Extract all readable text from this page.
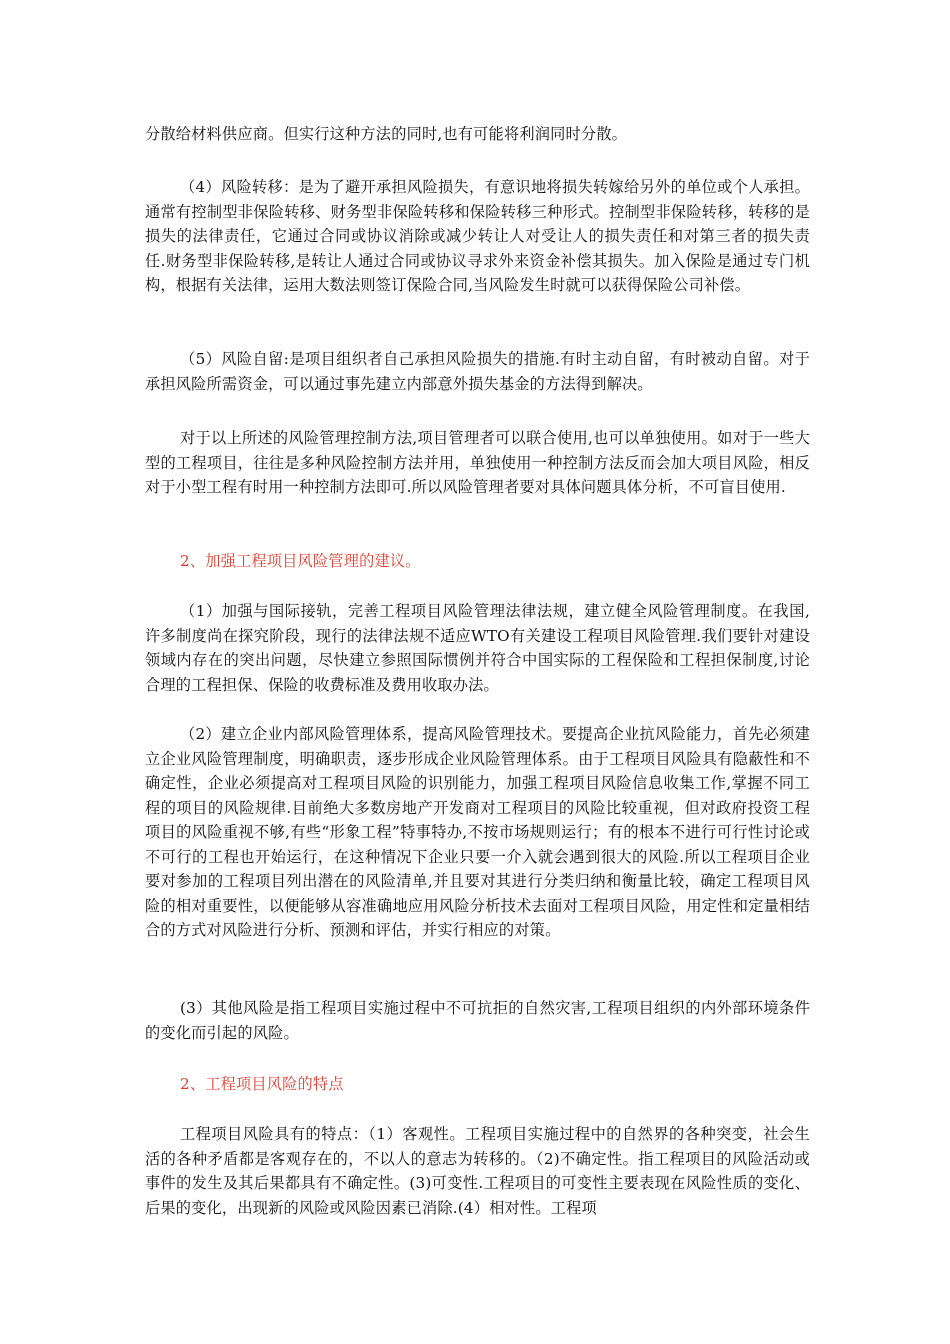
分散给材料供应商。但实行这种方法的同时,也有可能将利润同时分散。

（4）风险转移：是为了避开承担风险损失，有意识地将损失转嫁给另外的单位或个人承担。通常有控制型非保险转移、财务型非保险转移和保险转移三种形式。控制型非保险转移，转移的是损失的法律责任，它通过合同或协议消除或减少转让人对受让人的损失责任和对第三者的损失责任.财务型非保险转移,是转让人通过合同或协议寻求外来资金补偿其损失。加入保险是通过专门机构，根据有关法律，运用大数法则签订保险合同,当风险发生时就可以获得保险公司补偿。

（5）风险自留:是项目组织者自己承担风险损失的措施.有时主动自留，有时被动自留。对于承担风险所需资金，可以通过事先建立内部意外损失基金的方法得到解决。

对于以上所述的风险管理控制方法,项目管理者可以联合使用,也可以单独使用。如对于一些大型的工程项目，往往是多种风险控制方法并用，单独使用一种控制方法反而会加大项目风险，相反对于小型工程有时用一种控制方法即可.所以风险管理者要对具体问题具体分析，不可盲目使用.

2、加强工程项目风险管理的建议。

（1）加强与国际接轨，完善工程项目风险管理法律法规，建立健全风险管理制度。在我国,许多制度尚在探究阶段，现行的法律法规不适应WTO有关建设工程项目风险管理.我们要针对建设领域内存在的突出问题，尽快建立参照国际惯例并符合中国实际的工程保险和工程担保制度,讨论合理的工程担保、保险的收费标准及费用收取办法。

（2）建立企业内部风险管理体系，提高风险管理技术。要提高企业抗风险能力，首先必须建立企业风险管理制度，明确职责，逐步形成企业风险管理体系。由于工程项目风险具有隐蔽性和不确定性，企业必须提高对工程项目风险的识别能力，加强工程项目风险信息收集工作,掌握不同工程的项目的风险规律.目前绝大多数房地产开发商对工程项目的风险比较重视，但对政府投资工程项目的风险重视不够,有些“形象工程”特事特办,不按市场规则运行；有的根本不进行可行性讨论或不可行的工程也开始运行，在这种情况下企业只要一介入就会遇到很大的风险.所以工程项目企业要对参加的工程项目列出潜在的风险清单,并且要对其进行分类归纳和衡量比较，确定工程项目风险的相对重要性，以便能够从容准确地应用风险分析技术去面对工程项目风险，用定性和定量相结合的方式对风险进行分析、预测和评估，并实行相应的对策。

(3）其他风险是指工程项目实施过程中不可抗拒的自然灾害,工程项目组织的内外部环境条件的变化而引起的风险。

2、工程项目风险的特点

工程项目风险具有的特点：（1）客观性。工程项目实施过程中的自然界的各种突变，社会生活的各种矛盾都是客观存在的，不以人的意志为转移的。（2)不确定性。指工程项目的风险活动或事件的发生及其后果都具有不确定性。(3)可变性.工程项目的可变性主要表现在风险性质的变化、后果的变化，出现新的风险或风险因素已消除.(4）相对性。工程项
